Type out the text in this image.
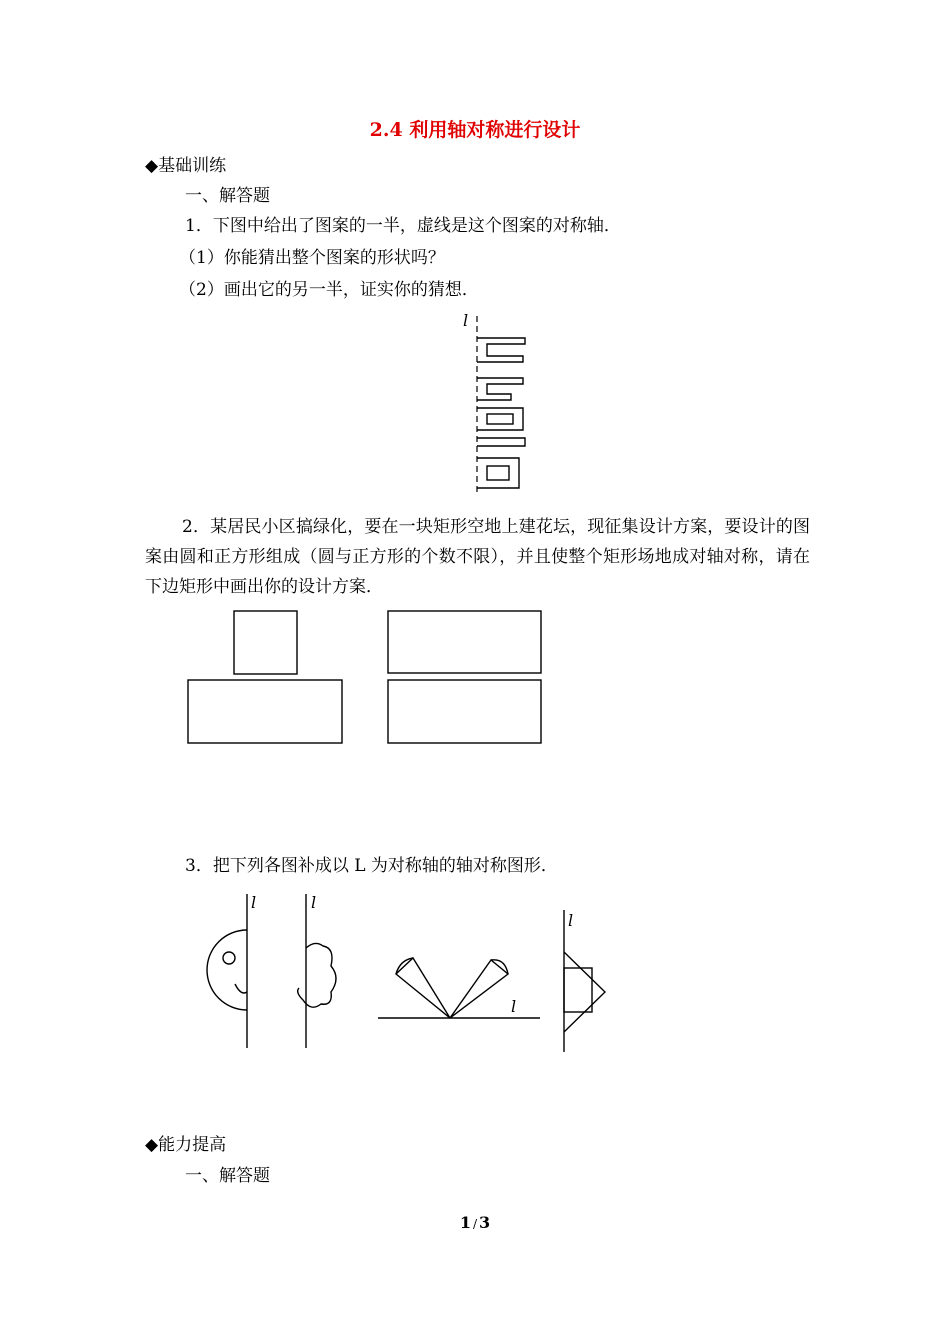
2.4 利用轴对称进行设计
◆基础训练
一、解答题
1．下图中给出了图案的一半，虚线是这个图案的对称轴．
（1）你能猜出整个图案的形状吗？
（2）画出它的另一半，证实你的猜想．
l
2．某居民小区搞绿化，要在一块矩形空地上建花坛，现征集设计方案，要设计的图案由圆和正方形组成（圆与正方形的个数不限），并且使整个矩形场地成对轴对称，请在下边矩形中画出你的设计方案．
3．把下列各图补成以 L 为对称轴的轴对称图形．
l	l
l
l
◆能力提高
一、解答题
1 / 3
